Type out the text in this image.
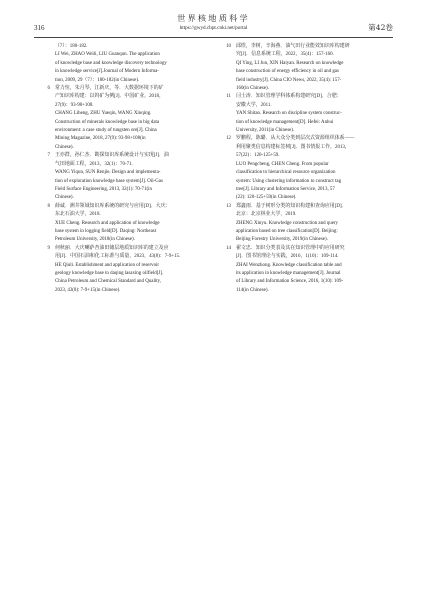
世界核地质科学
https://gwyd.cbpt.cnki.net/portal
316	第42卷
（7）：180-182.
LI Wei, ZHAO Weili, LIU Guanqun. The application
of knowledge base and knowledge discovery technology
in knowledge service[J].Journal of Modern Informa-
tion, 2009, 29（7）：180-182(in Chinese).
6 常力恒，朱月琴，江新庆，等．大数据环境下的矿
产知识库构建：以钨矿为例[J]．中国矿业，2018，
27(9)：93-98+108.
CHANG Liheng, ZHU Yueqin, WANG Xinqing.
Construction of minerals knowledge base in big data
environment: a case study of tungsten ore[J]. China
Mining Magazine, 2018, 27(9): 93-98+108(in
Chinese).
7 王亦群，孙仁杰．勘探知识库系统设计与实现[J]．油
气田地面工程，2013，32(1)：70-71.
WANG Yiqun, SUN Renjie. Design and implementa-
tion of exploration knowledge base system[J]. Oil-Gas
Field Surface Engineering, 2013, 32(1): 70-71(in
Chinese).
8 薛诚．测井领域知识库系统的研究与应用[D]．大庆：
东北石油大学，2018.
XUE Cheng. Research and application of knowledge
base system in logging field[D]. Daqing: Northeast
Petroleum University, 2018(in Chinese).
9 何秋丽．大庆喇萨杏油田储层地质知识库的建立及应
用[J]．中国石油和化工标准与质量，2023，43(8)：7-9+15.
HE Qiuli. Establishment and application of reservoir
geology knowledge base in daqing lasaxing oilfield[J].
China Petroleum and Chemical Standard and Quality,
2023, 43(8): 7-9+15(in Chinese).
10 邱煜，李树，辛海燕．油气田行业能效知识库构建研
究[J]．信息系统工程，2022，35(4)：157-160.
QI Ying, LI Jun, XIN Haiyan. Research on knowledge
base construction of energy efficiency in oil and gas
field industry[J]. China CIO News, 2022, 35(4): 157-
160(in Chinese).
11 闫士涛．知识管理学科体系构建研究[D]．合肥：
安徽大学，2011.
YAN Shitao. Research on discipline system construc-
tion of knowledge management[D]. Hefei: Anhui
University, 2011(in Chinese).
12 罗鹏程，陈璐．从大众分类到层次式资源组织体系——
利用聚类信息构建标签树[J]．图书情报工作，2013，
57(22)：120-125+59.
LUO Pengcheng, CHEN Cheng. From popular
classification to hierarchical resource organization
system: Using clustering information to construct tag
tree[J]. Library and Information Service, 2013, 57
(22): 120-125+59(in Chinese).
13 郑鑫雨．基于树形分类的知识构建和查询应用[D]．
北京：北京林业大学，2019.
ZHENG Xinyu. Knowledge construction and query
application based on tree classification[D]. Beijing:
Beijing Forestry University, 2019(in Chinese).
14 翟文忠．知识分类表及其在知识管理中的应用研究
[J]．图书馆理论与实践，2016，1(10)：109-114.
ZHAI Wenzhong. Knowledge classification table and
its application in knowledge management[J]. Journal
of Library and Information Science, 2016, 1(10): 109-
114(in Chinese).
